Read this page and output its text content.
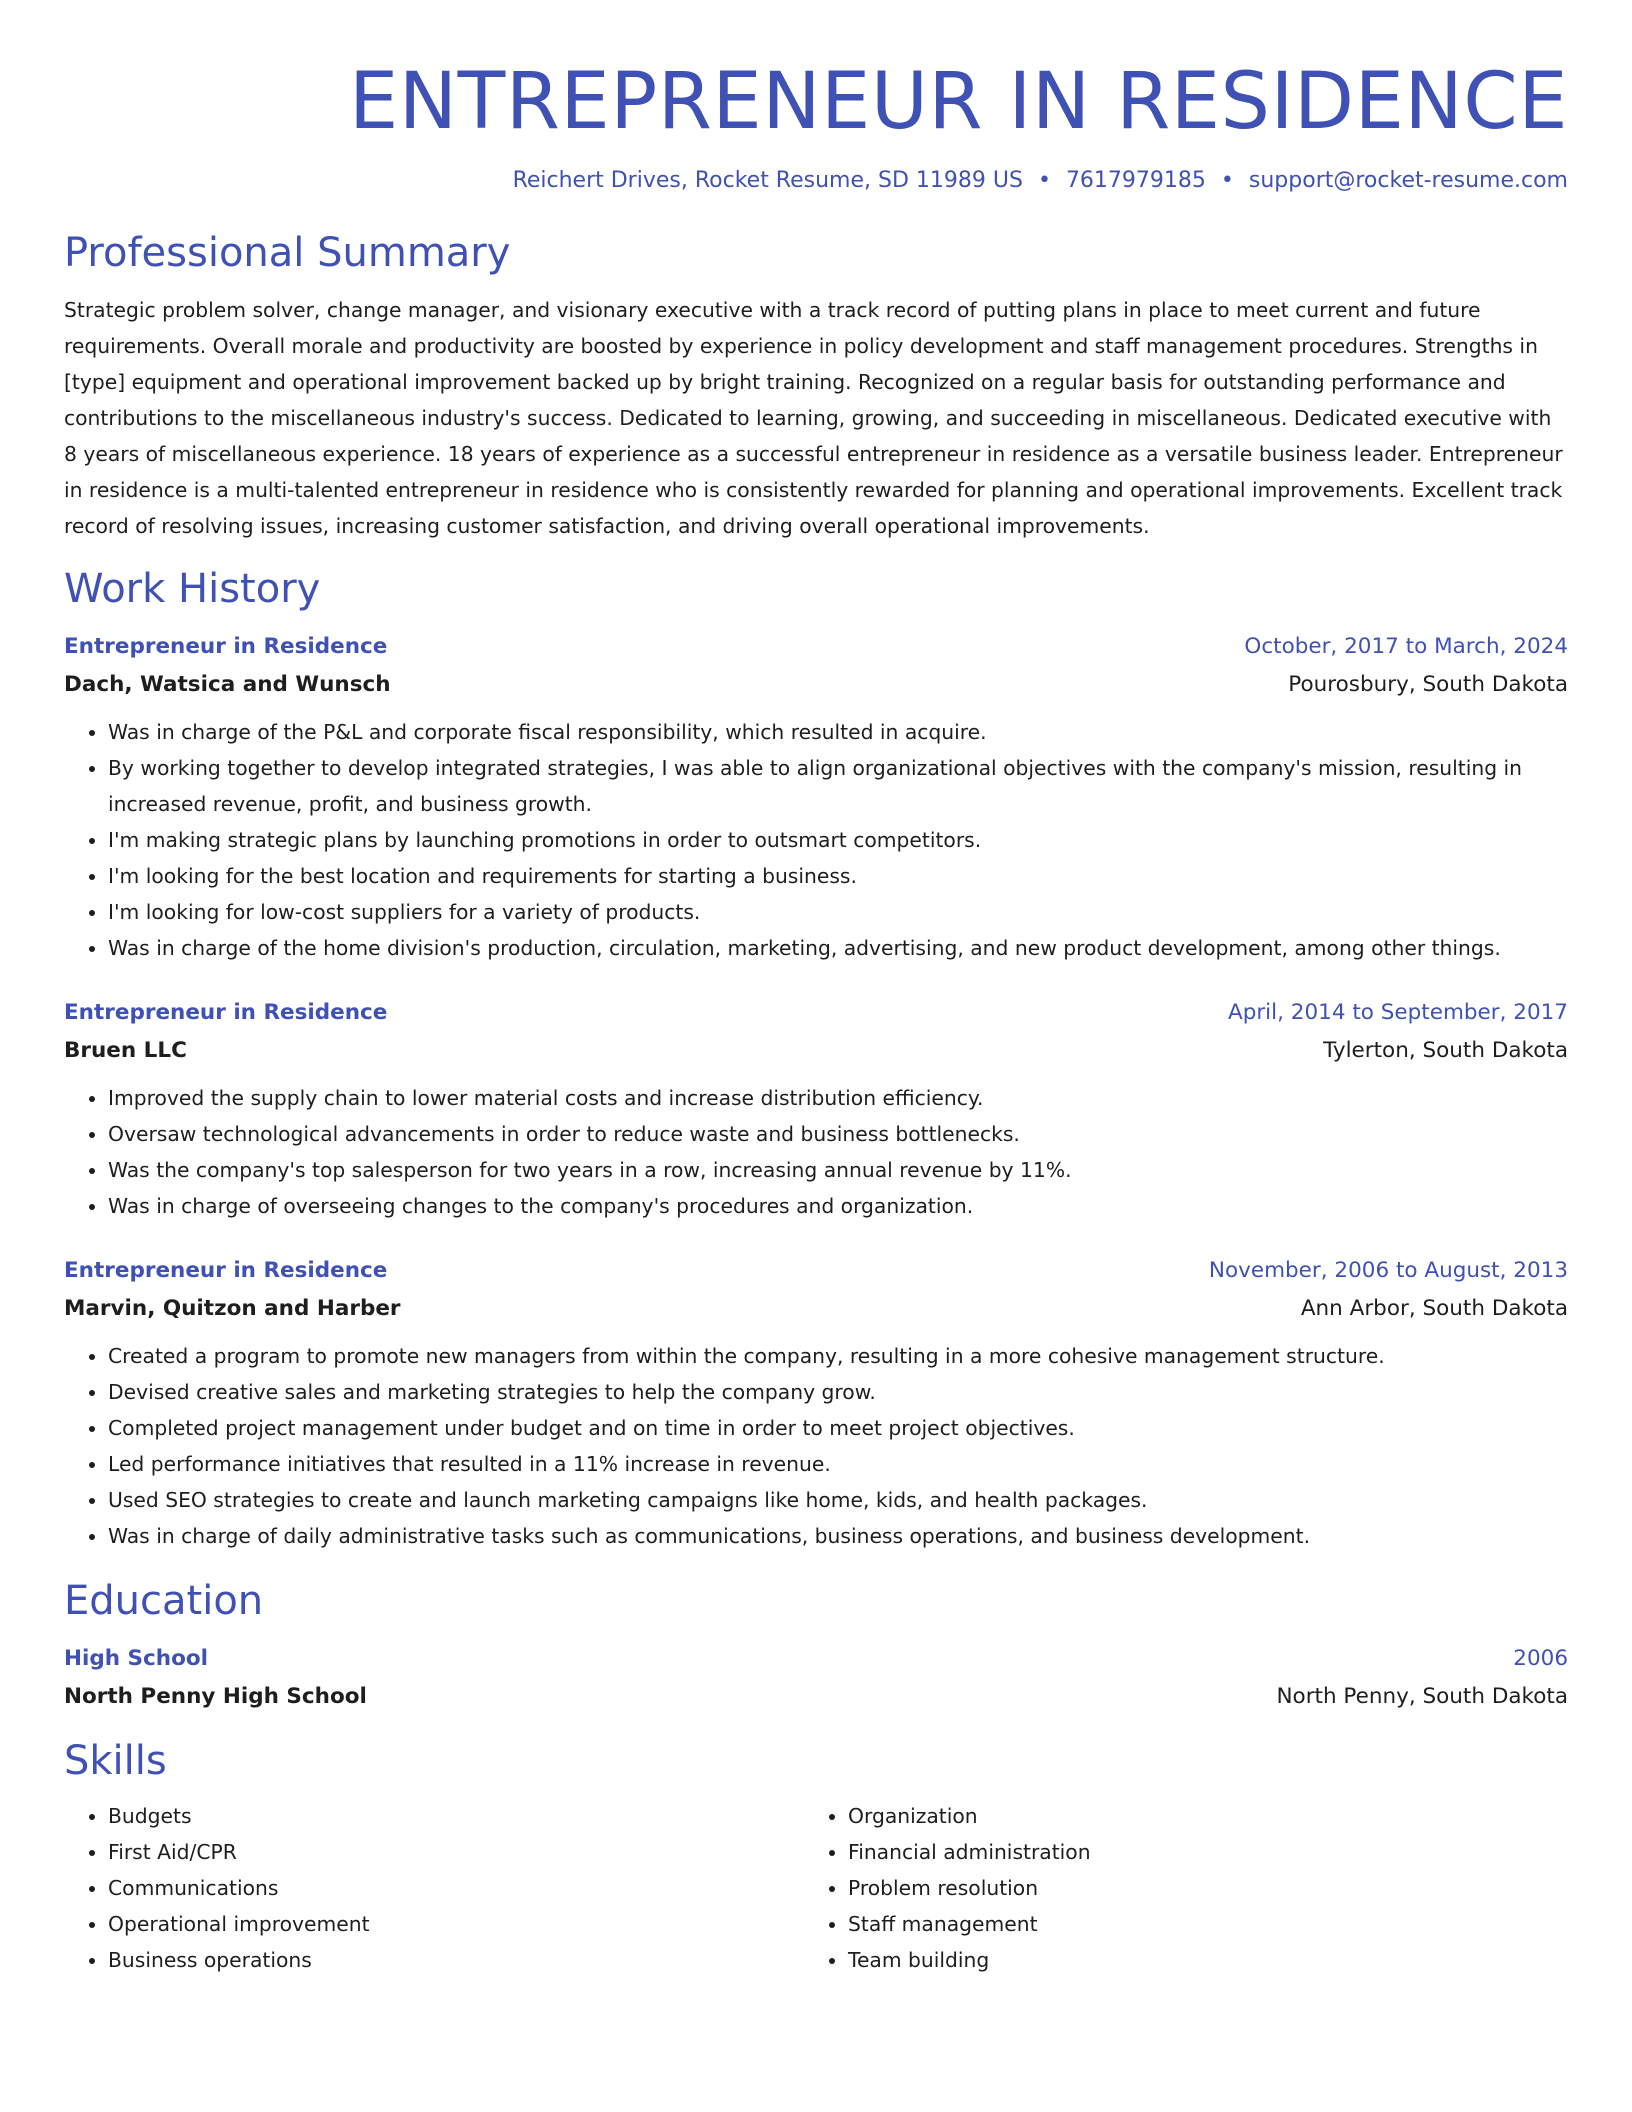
ENTREPRENEUR IN RESIDENCE
Reichert Drives, Rocket Resume, SD 11989 US • 7617979185 • support@rocket-resume.com
Professional Summary
Strategic problem solver, change manager, and visionary executive with a track record of putting plans in place to meet current and future requirements. Overall morale and productivity are boosted by experience in policy development and staff management procedures. Strengths in [type] equipment and operational improvement backed up by bright training. Recognized on a regular basis for outstanding performance and contributions to the miscellaneous industry's success. Dedicated to learning, growing, and succeeding in miscellaneous. Dedicated executive with 8 years of miscellaneous experience. 18 years of experience as a successful entrepreneur in residence as a versatile business leader. Entrepreneur in residence is a multi-talented entrepreneur in residence who is consistently rewarded for planning and operational improvements. Excellent track record of resolving issues, increasing customer satisfaction, and driving overall operational improvements.
Work History
Entrepreneur in Residence	October, 2017 to March, 2024
Dach, Watsica and Wunsch	Pourosbury, South Dakota
• Was in charge of the P&L and corporate fiscal responsibility, which resulted in acquire.
• By working together to develop integrated strategies, I was able to align organizational objectives with the company's mission, resulting in increased revenue, profit, and business growth.
• I'm making strategic plans by launching promotions in order to outsmart competitors.
• I'm looking for the best location and requirements for starting a business.
• I'm looking for low-cost suppliers for a variety of products.
• Was in charge of the home division's production, circulation, marketing, advertising, and new product development, among other things.
Entrepreneur in Residence	April, 2014 to September, 2017
Bruen LLC	Tylerton, South Dakota
• Improved the supply chain to lower material costs and increase distribution efficiency.
• Oversaw technological advancements in order to reduce waste and business bottlenecks.
• Was the company's top salesperson for two years in a row, increasing annual revenue by 11%.
• Was in charge of overseeing changes to the company's procedures and organization.
Entrepreneur in Residence	November, 2006 to August, 2013
Marvin, Quitzon and Harber	Ann Arbor, South Dakota
• Created a program to promote new managers from within the company, resulting in a more cohesive management structure.
• Devised creative sales and marketing strategies to help the company grow.
• Completed project management under budget and on time in order to meet project objectives.
• Led performance initiatives that resulted in a 11% increase in revenue.
• Used SEO strategies to create and launch marketing campaigns like home, kids, and health packages.
• Was in charge of daily administrative tasks such as communications, business operations, and business development.
Education
High School	2006
North Penny High School	North Penny, South Dakota
Skills
• Budgets
• First Aid/CPR
• Communications
• Operational improvement
• Business operations
• Organization
• Financial administration
• Problem resolution
• Staff management
• Team building
